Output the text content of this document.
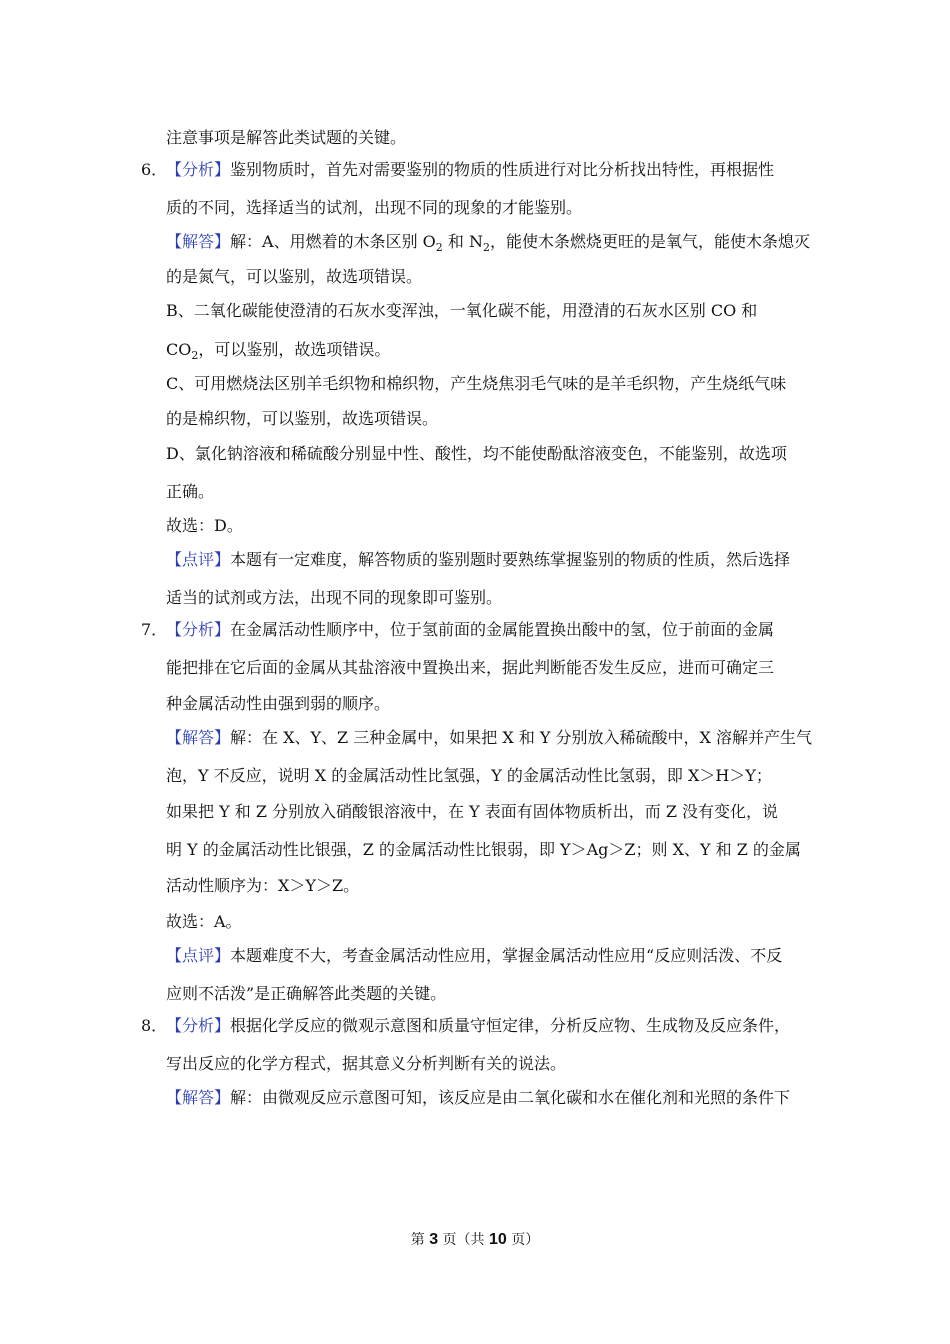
注意事项是解答此类试题的关键。
6．
【分析】鉴别物质时，首先对需要鉴别的物质的性质进行对比分析找出特性，再根据性
质的不同，选择适当的试剂，出现不同的现象的才能鉴别。
【解答】解：A、用燃着的木条区别 $O_2$ 和 $N_2$，能使木条燃烧更旺的是氧气，能使木条熄灭
的是氮气，可以鉴别，故选项错误。
B、二氧化碳能使澄清的石灰水变浑浊，一氧化碳不能，用澄清的石灰水区别 CO 和
$CO_2$，可以鉴别，故选项错误。
C、可用燃烧法区别羊毛织物和棉织物，产生烧焦羽毛气味的是羊毛织物，产生烧纸气味
的是棉织物，可以鉴别，故选项错误。
D、氯化钠溶液和稀硫酸分别显中性、酸性，均不能使酚酞溶液变色，不能鉴别，故选项
正确。
故选：D。
【点评】本题有一定难度，解答物质的鉴别题时要熟练掌握鉴别的物质的性质，然后选择
适当的试剂或方法，出现不同的现象即可鉴别。
7．
【分析】在金属活动性顺序中，位于氢前面的金属能置换出酸中的氢，位于前面的金属
能把排在它后面的金属从其盐溶液中置换出来，据此判断能否发生反应，进而可确定三
种金属活动性由强到弱的顺序。
【解答】解：在 X、Y、Z 三种金属中，如果把 X 和 Y 分别放入稀硫酸中，X 溶解并产生气
泡，Y 不反应，说明 X 的金属活动性比氢强，Y 的金属活动性比氢弱，即 X＞H＞Y；
如果把 Y 和 Z 分别放入硝酸银溶液中，在 Y 表面有固体物质析出，而 Z 没有变化，说
明 Y 的金属活动性比银强，Z 的金属活动性比银弱，即 Y＞Ag＞Z；则 X、Y 和 Z 的金属
活动性顺序为：X＞Y＞Z。
故选：A。
【点评】本题难度不大，考查金属活动性应用，掌握金属活动性应用“反应则活泼、不反
应则不活泼”是正确解答此类题的关键。
8．
【分析】根据化学反应的微观示意图和质量守恒定律，分析反应物、生成物及反应条件，
写出反应的化学方程式，据其意义分析判断有关的说法。
【解答】解：由微观反应示意图可知，该反应是由二氧化碳和水在催化剂和光照的条件下
第 3 页（共 10 页）
